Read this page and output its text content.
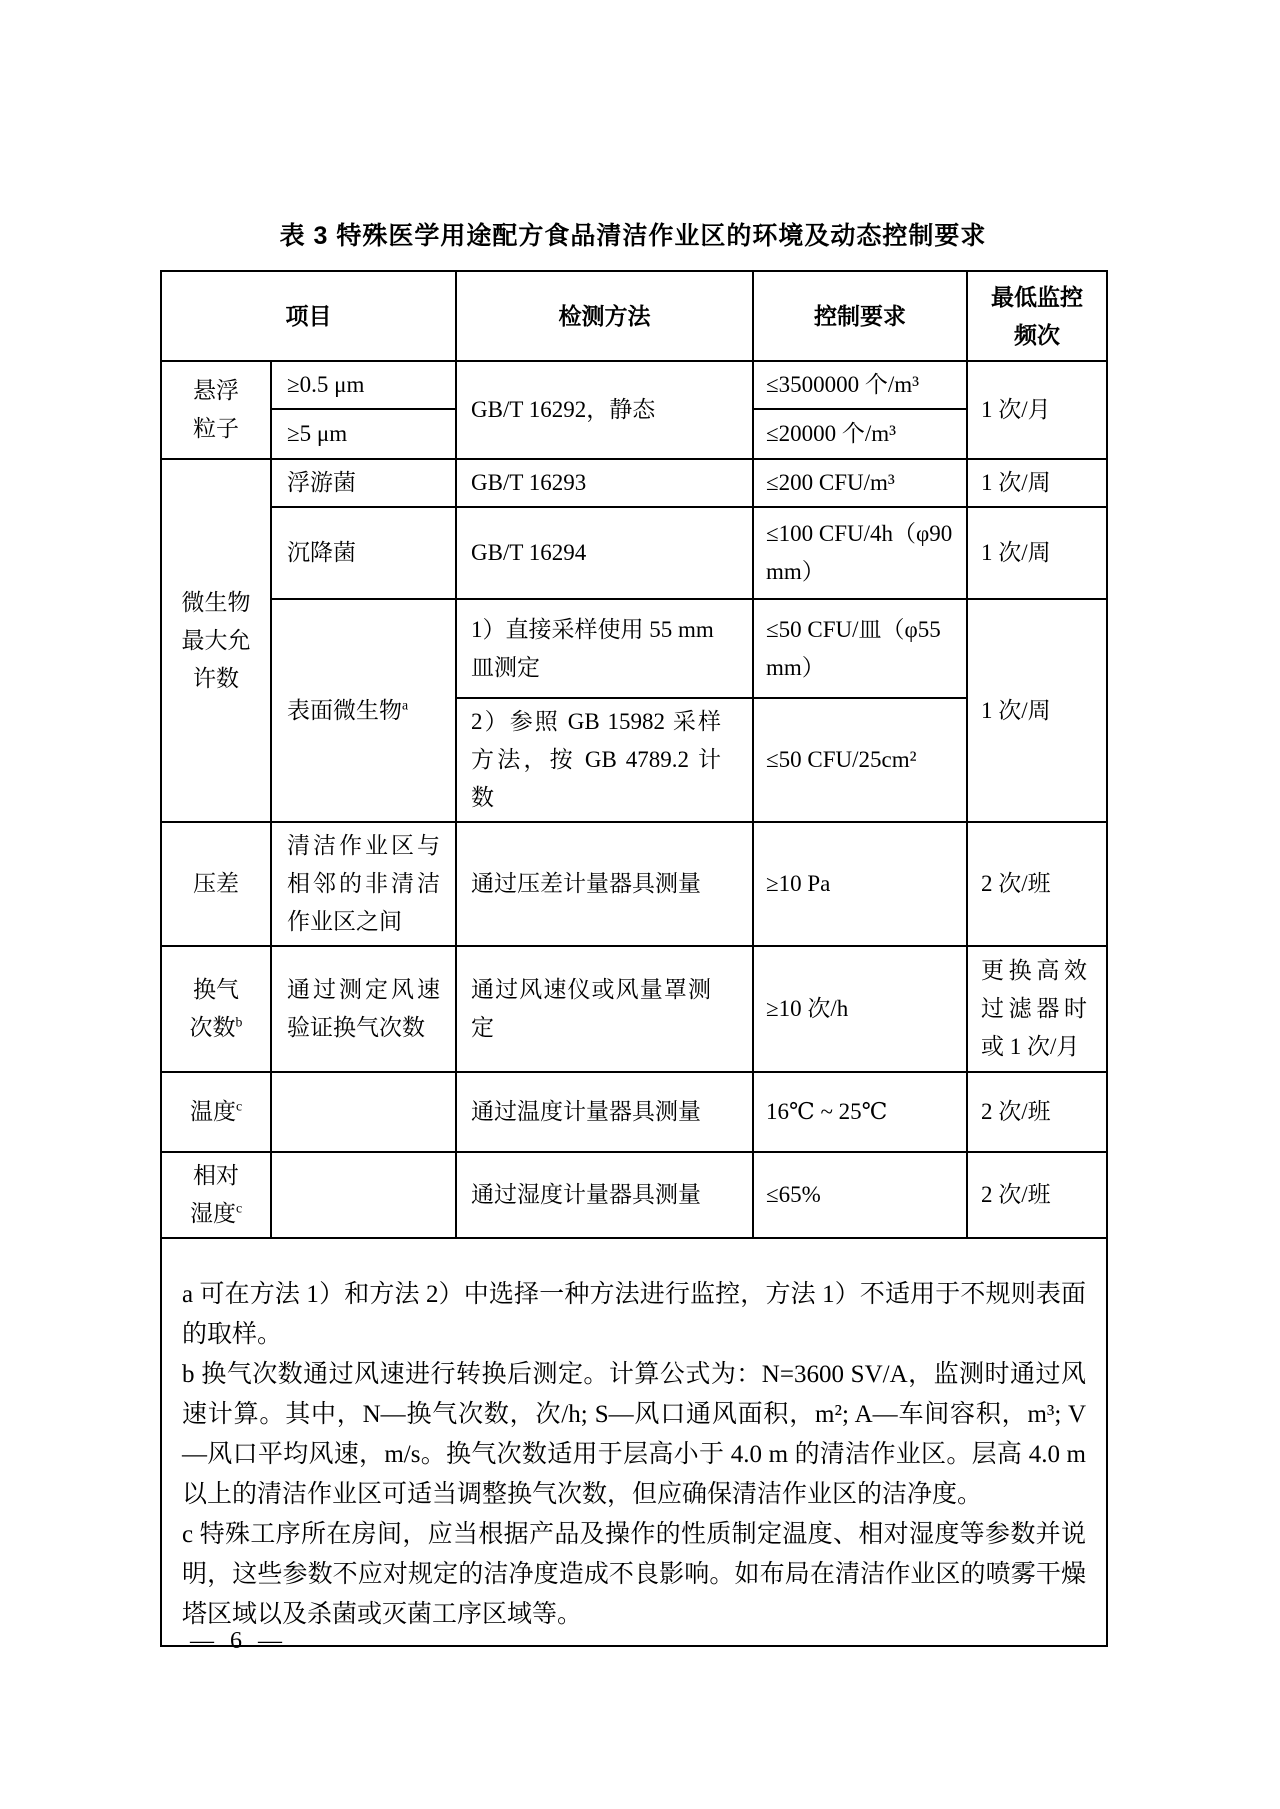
表 3 特殊医学用途配方食品清洁作业区的环境及动态控制要求
项目		检测方法	控制要求	最低监控频次
悬浮粒子	≥0.5 μm	GB/T 16292，静态	≤3500000 个/m³	1 次/月
	≥5 μm		≤20000 个/m³	
微生物最大允许数	浮游菌	GB/T 16293	≤200 CFU/m³	1 次/周
	沉降菌	GB/T 16294	≤100 CFU/4h（φ90 mm）	1 次/周
	表面微生物$^a$	1）直接采样使用 55 mm 皿测定	≤50 CFU/皿（φ55 mm）	1 次/周
		2）参照 GB 15982 采样方法，按 GB 4789.2 计数	≤50 CFU/25cm²	
压差	清洁作业区与相邻的非清洁作业区之间	通过压差计量器具测量	≥10 Pa	2 次/班
换气次数$^b$	通过测定风速验证换气次数	通过风速仪或风量罩测定	≥10 次/h	更换高效过滤器时或 1 次/月
温度$^c$		通过温度计量器具测量	16℃ ~ 25℃	2 次/班
相对湿度$^c$		通过湿度计量器具测量	≤65%	2 次/班

a 可在方法 1）和方法 2）中选择一种方法进行监控，方法 1）不适用于不规则表面的取样。

b 换气次数通过风速进行转换后测定。计算公式为：N=3600 SV/A，监测时通过风速计算。其中，N—换气次数，次/h; S—风口通风面积，m²; A—车间容积，m³; V—风口平均风速，m/s。换气次数适用于层高小于 4.0 m 的清洁作业区。层高 4.0 m 以上的清洁作业区可适当调整换气次数，但应确保清洁作业区的洁净度。

c 特殊工序所在房间，应当根据产品及操作的性质制定温度、相对湿度等参数并说明，这些参数不应对规定的洁净度造成不良影响。如布局在清洁作业区的喷雾干燥塔区域以及杀菌或灭菌工序区域等。				

— 6 —
